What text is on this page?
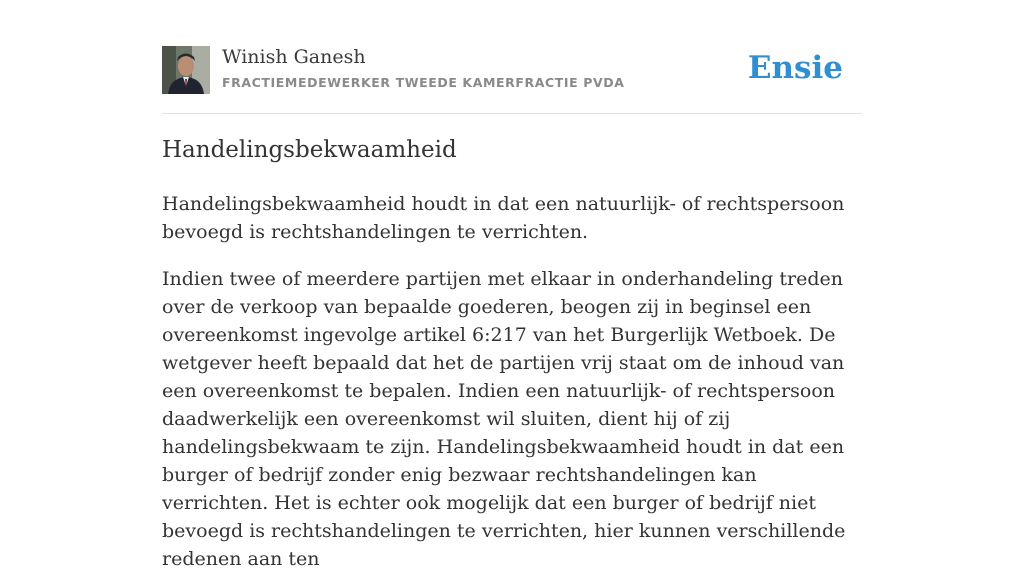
Winish Ganesh
FRACTIEMEDEWERKER TWEEDE KAMERFRACTIE PVDA	Ensie
Handelingsbekwaamheid

Handelingsbekwaamheid houdt in dat een natuurlijk- of rechtspersoon bevoegd is rechtshandelingen te verrichten.

Indien twee of meerdere partijen met elkaar in onderhandeling treden over de verkoop van bepaalde goederen, beogen zij in beginsel een overeenkomst ingevolge artikel 6:217 van het Burgerlijk Wetboek. De wetgever heeft bepaald dat het de partijen vrij staat om de inhoud van een overeenkomst te bepalen. Indien een natuurlijk- of rechtspersoon daadwerkelijk een overeenkomst wil sluiten, dient hij of zij handelingsbekwaam te zijn. Handelingsbekwaamheid houdt in dat een burger of bedrijf zonder enig bezwaar rechtshandelingen kan verrichten. Het is echter ook mogelijk dat een burger of bedrijf niet bevoegd is rechtshandelingen te verrichten, hier kunnen verschillende redenen aan ten
